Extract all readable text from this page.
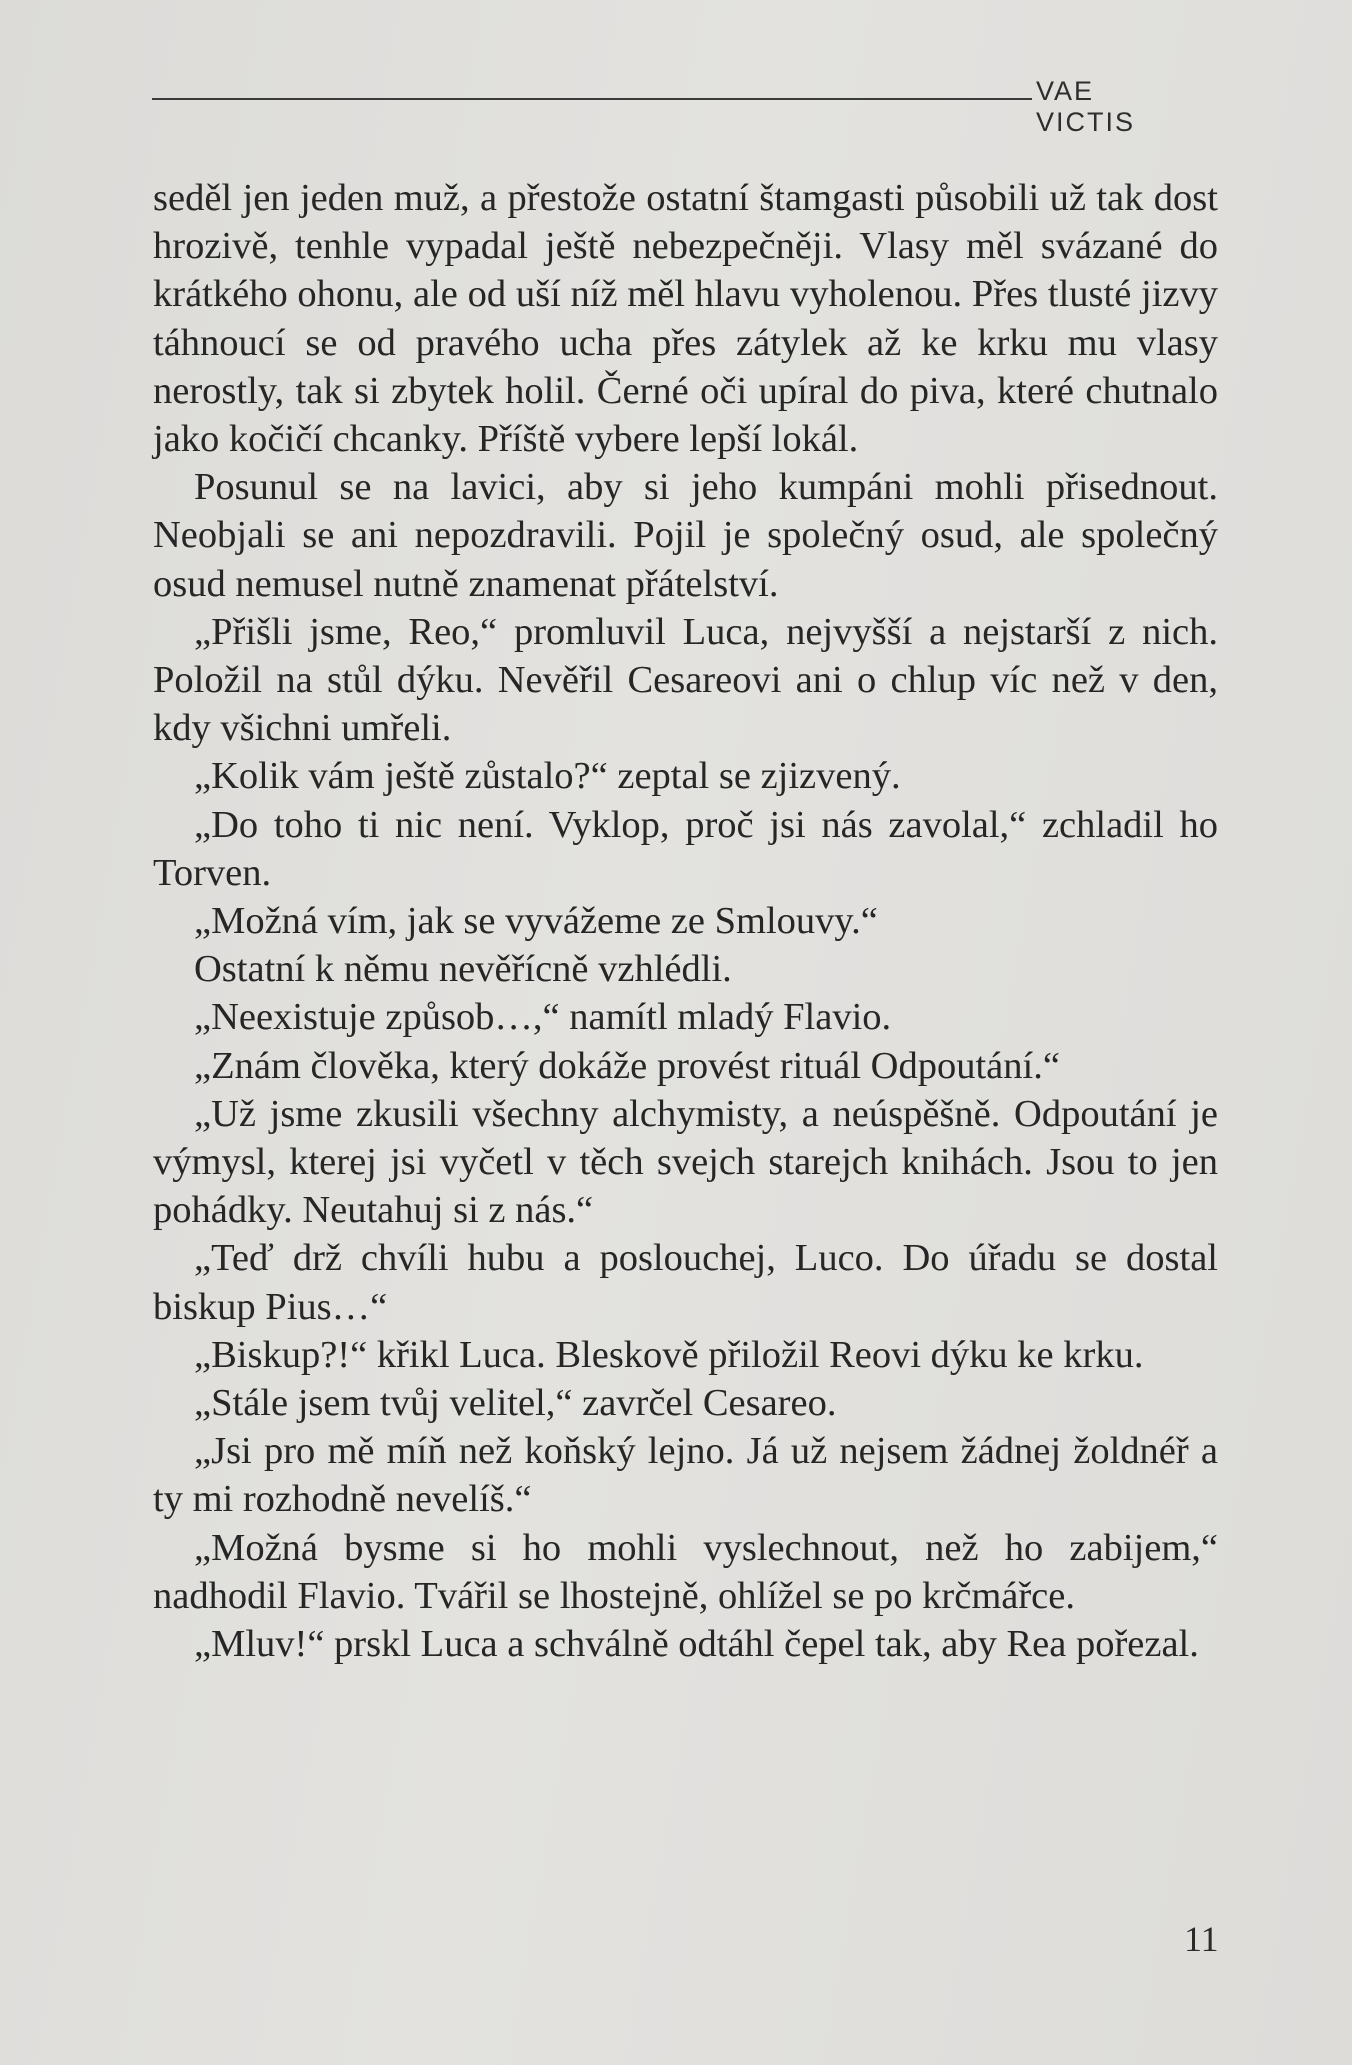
VAE VICTIS

seděl jen jeden muž, a přestože ostatní štamgasti působili už tak dost hrozivě, tenhle vypadal ještě nebezpečněji. Vlasy měl svázané do krátkého ohonu, ale od uší níž měl hlavu vyholenou. Přes tlusté jizvy táhnoucí se od pravého ucha přes zátylek až ke krku mu vlasy nerostly, tak si zbytek holil. Černé oči upíral do piva, které chutnalo jako kočičí chcanky. Příště vybere lepší lokál.

Posunul se na lavici, aby si jeho kumpáni mohli přisednout. Neobjali se ani nepozdravili. Pojil je společný osud, ale společný osud nemusel nutně znamenat přátelství.

„Přišli jsme, Reo,“ promluvil Luca, nejvyšší a nejstarší z nich. Položil na stůl dýku. Nevěřil Cesareovi ani o chlup víc než v den, kdy všichni umřeli.

„Kolik vám ještě zůstalo?“ zeptal se zjizvený.

„Do toho ti nic není. Vyklop, proč jsi nás zavolal,“ zchladil ho Torven.

„Možná vím, jak se vyvážeme ze Smlouvy.“

Ostatní k němu nevěřícně vzhlédli.

„Neexistuje způsob…,“ namítl mladý Flavio.

„Znám člověka, který dokáže provést rituál Odpoutání.“

„Už jsme zkusili všechny alchymisty, a neúspěšně. Odpoutání je výmysl, kterej jsi vyčetl v těch svejch starejch knihách. Jsou to jen pohádky. Neutahuj si z nás.“

„Teď drž chvíli hubu a poslouchej, Luco. Do úřadu se dostal biskup Pius…“

„Biskup?!“ křikl Luca. Bleskově přiložil Reovi dýku ke krku.

„Stále jsem tvůj velitel,“ zavrčel Cesareo.

„Jsi pro mě míň než koňský lejno. Já už nejsem žádnej žoldnéř a ty mi rozhodně nevelíš.“

„Možná bysme si ho mohli vyslechnout, než ho zabijem,“ nadhodil Flavio. Tvářil se lhostejně, ohlížel se po krčmářce.

„Mluv!“ prskl Luca a schválně odtáhl čepel tak, aby Rea pořezal.

11
